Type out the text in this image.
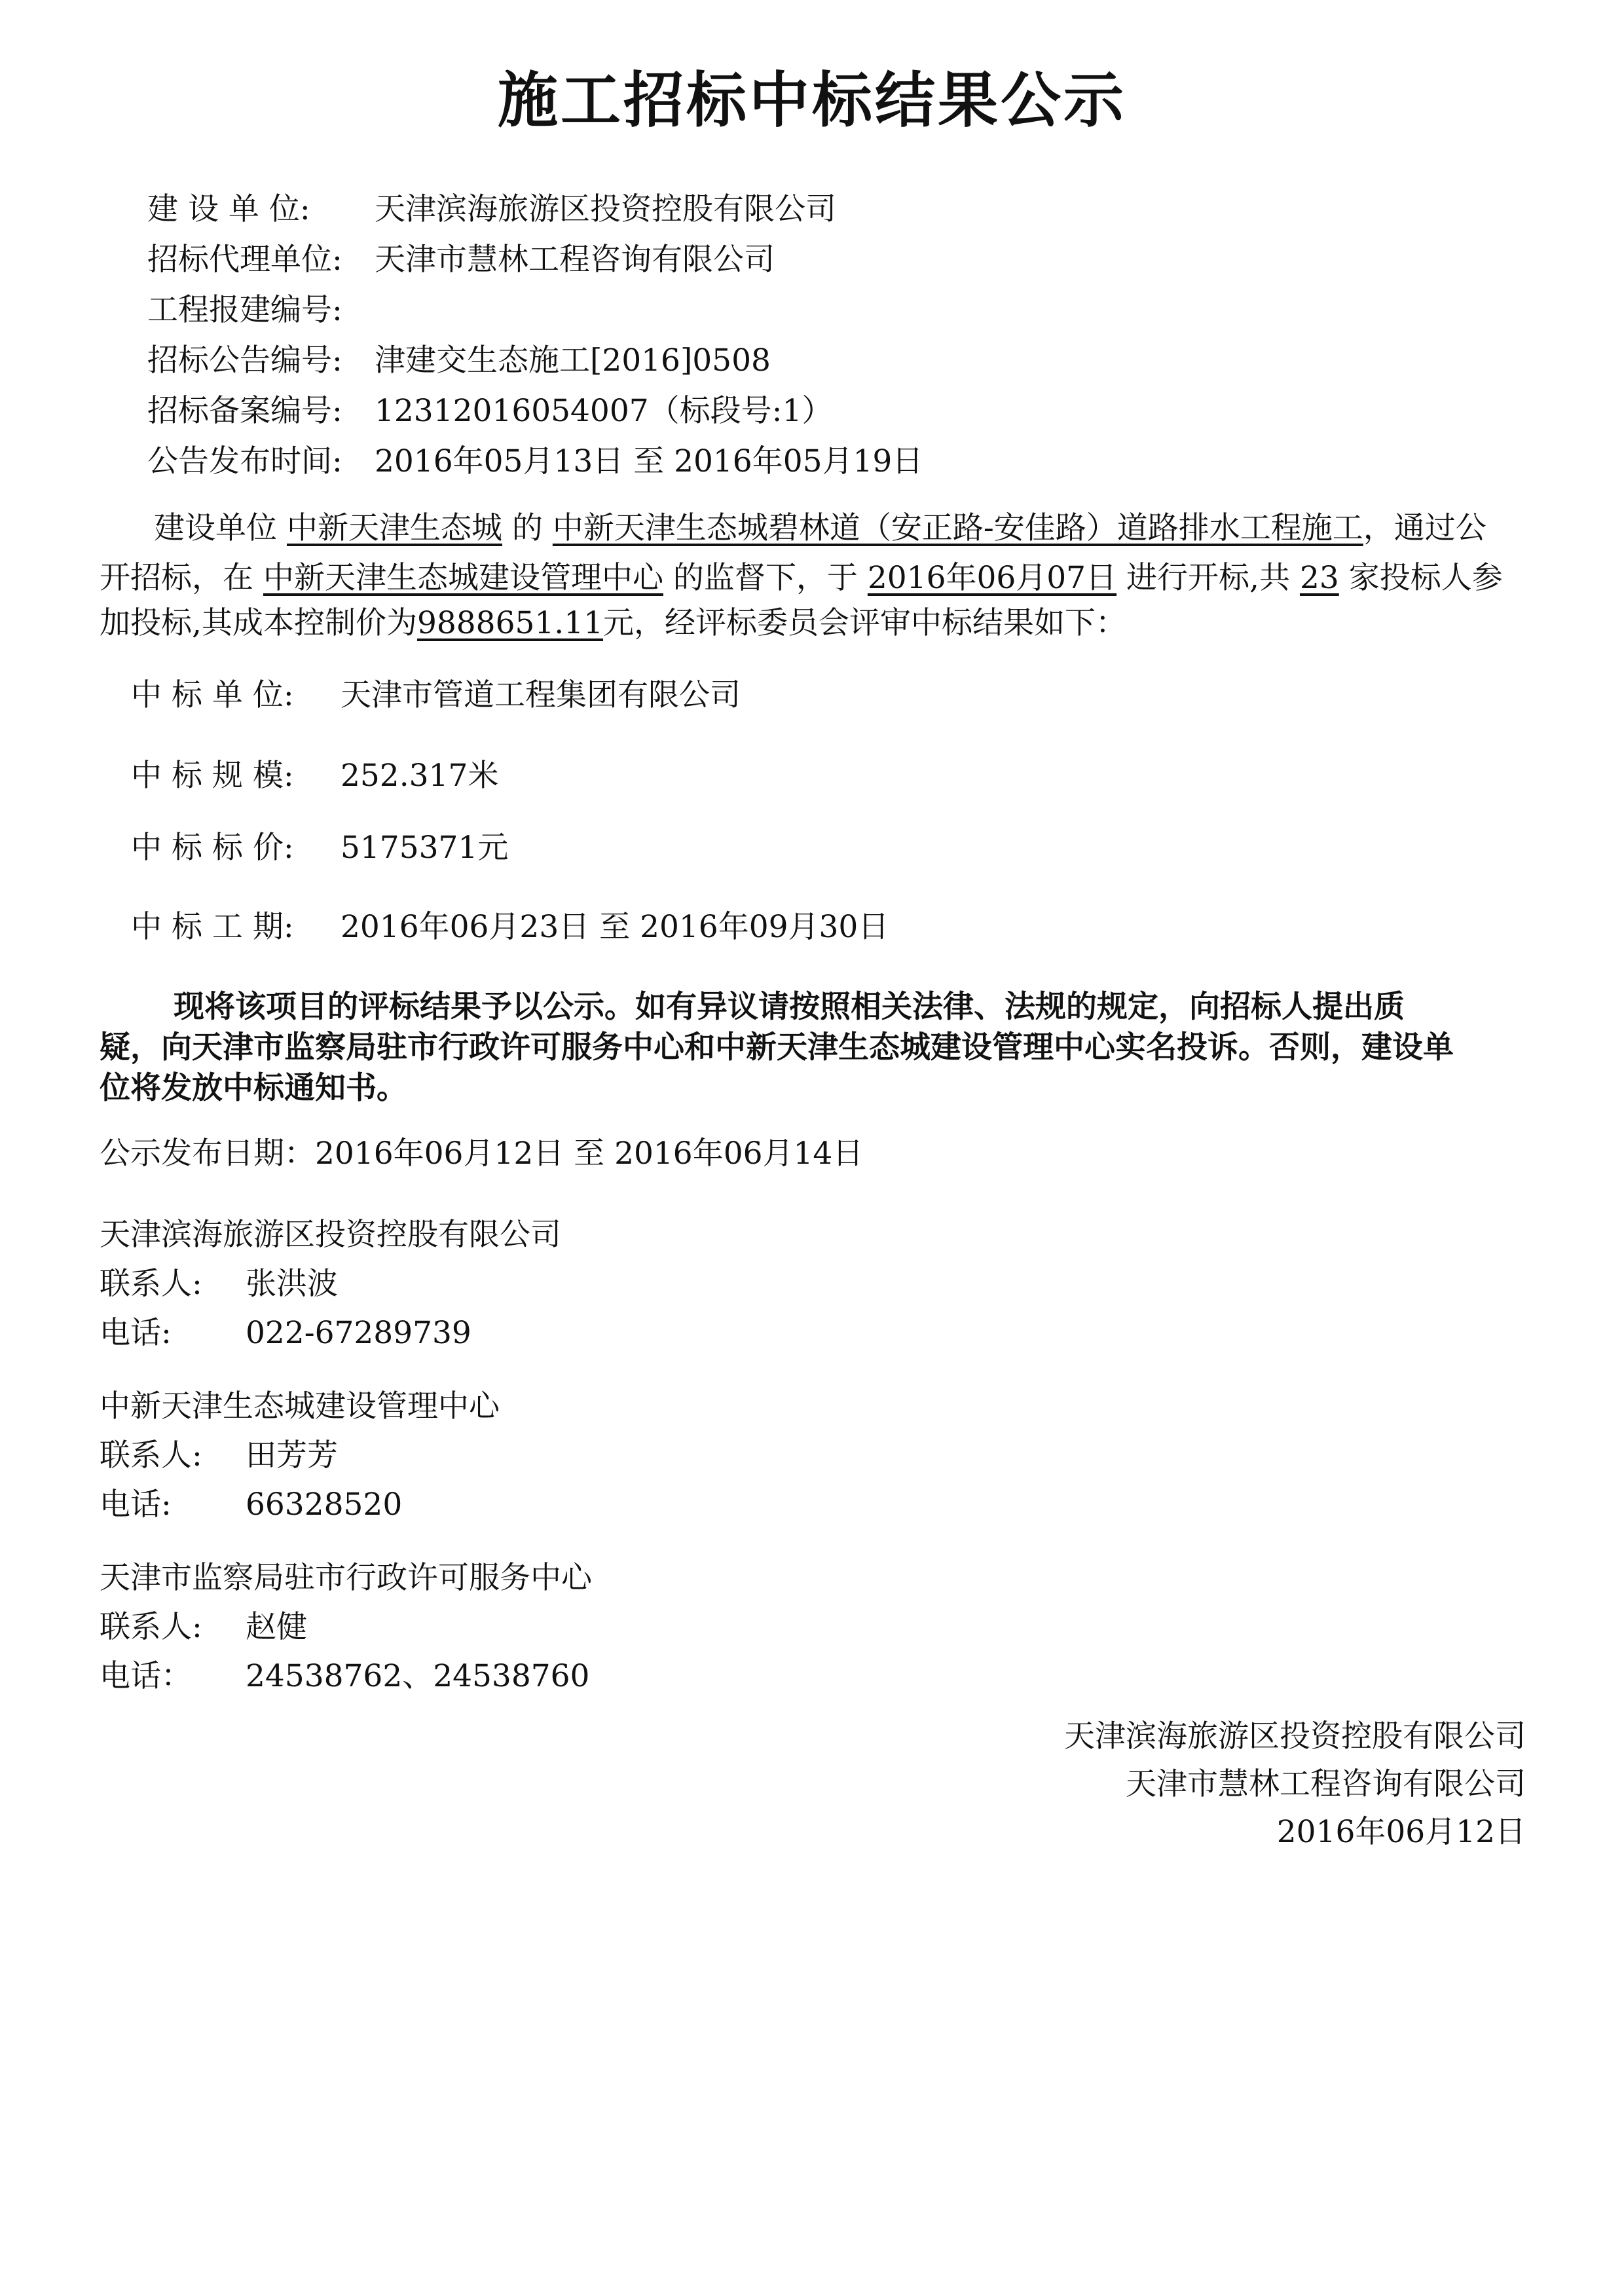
施工招标中标结果公示
建 设 单 位: 天津滨海旅游区投资控股有限公司
招标代理单位: 天津市慧林工程咨询有限公司
工程报建编号:
招标公告编号: 津建交生态施工[2016]0508
招标备案编号: 12312016054007（标段号:1）
公告发布时间: 2016年05月13日 至 2016年05月19日
建设单位 中新天津生态城 的 中新天津生态城碧林道（安正路-安佳路）道路排水工程施工，通过公
开招标，在 中新天津生态城建设管理中心 的监督下，于 2016年06月07日 进行开标,共 23 家投标人参
加投标,其成本控制价为9888651.11元，经评标委员会评审中标结果如下：
中 标 单 位: 天津市管道工程集团有限公司
中 标 规 模: 252.317米
中 标 标 价: 5175371元
中 标 工 期: 2016年06月23日 至 2016年09月30日
现将该项目的评标结果予以公示。如有异议请按照相关法律、法规的规定，向招标人提出质
疑，向天津市监察局驻市行政许可服务中心和中新天津生态城建设管理中心实名投诉。否则，建设单
位将发放中标通知书。
公示发布日期：2016年06月12日 至 2016年06月14日
天津滨海旅游区投资控股有限公司
联系人: 张洪波
电话: 022-67289739
中新天津生态城建设管理中心
联系人: 田芳芳
电话: 66328520
天津市监察局驻市行政许可服务中心
联系人: 赵健
电话： 24538762、24538760
天津滨海旅游区投资控股有限公司
天津市慧林工程咨询有限公司
2016年06月12日
